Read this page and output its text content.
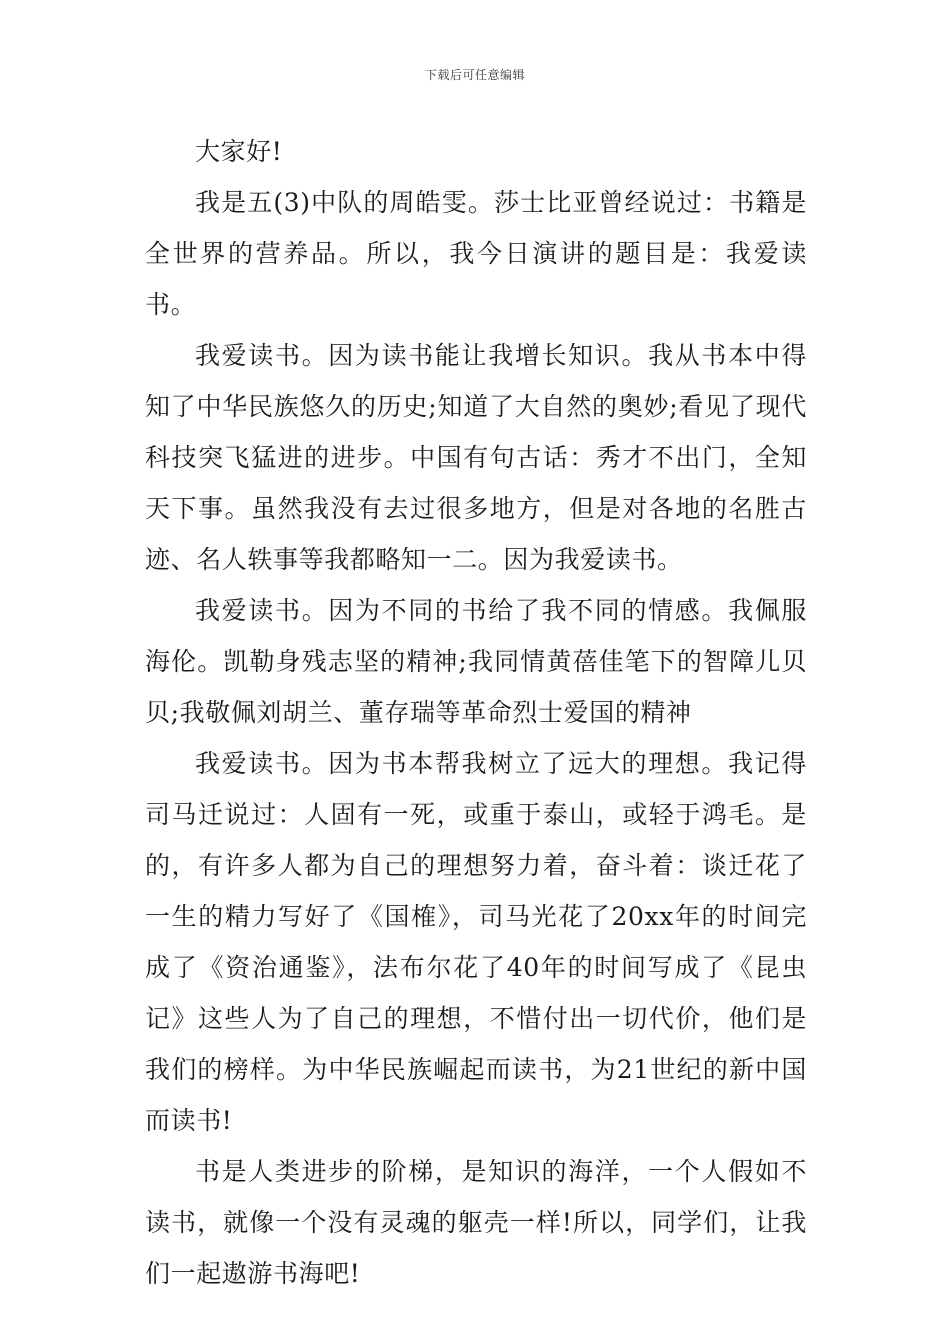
下载后可任意编辑

大家好!

我是五(3)中队的周皓雯。莎士比亚曾经说过：书籍是全世界的营养品。所以，我今日演讲的题目是：我爱读书。

我爱读书。因为读书能让我增长知识。我从书本中得知了中华民族悠久的历史;知道了大自然的奥妙;看见了现代科技突飞猛进的进步。中国有句古话：秀才不出门，全知天下事。虽然我没有去过很多地方，但是对各地的名胜古迹、名人轶事等我都略知一二。因为我爱读书。

我爱读书。因为不同的书给了我不同的情感。我佩服海伦。凯勒身残志坚的精神;我同情黄蓓佳笔下的智障儿贝贝;我敬佩刘胡兰、董存瑞等革命烈士爱国的精神

我爱读书。因为书本帮我树立了远大的理想。我记得司马迁说过：人固有一死，或重于泰山，或轻于鸿毛。是的，有许多人都为自己的理想努力着，奋斗着：谈迁花了一生的精力写好了《国榷》，司马光花了20xx年的时间完成了《资治通鉴》，法布尔花了40年的时间写成了《昆虫记》这些人为了自己的理想，不惜付出一切代价，他们是我们的榜样。为中华民族崛起而读书，为21世纪的新中国而读书!

书是人类进步的阶梯，是知识的海洋，一个人假如不读书，就像一个没有灵魂的躯壳一样!所以，同学们，让我们一起遨游书海吧!
